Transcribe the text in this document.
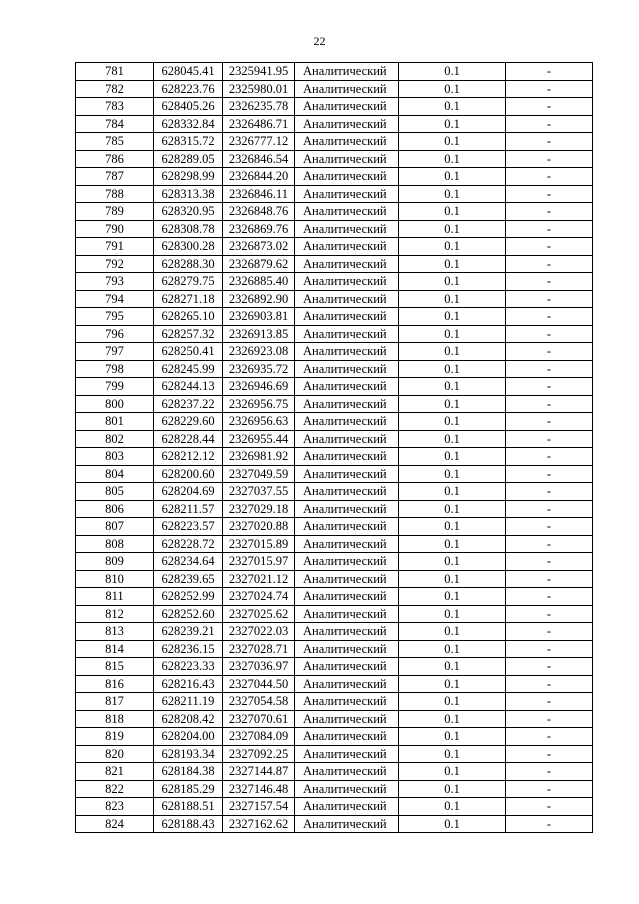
22
781	628045.41	2325941.95	Аналитический	0.1	-
782	628223.76	2325980.01	Аналитический	0.1	-
783	628405.26	2326235.78	Аналитический	0.1	-
784	628332.84	2326486.71	Аналитический	0.1	-
785	628315.72	2326777.12	Аналитический	0.1	-
786	628289.05	2326846.54	Аналитический	0.1	-
787	628298.99	2326844.20	Аналитический	0.1	-
788	628313.38	2326846.11	Аналитический	0.1	-
789	628320.95	2326848.76	Аналитический	0.1	-
790	628308.78	2326869.76	Аналитический	0.1	-
791	628300.28	2326873.02	Аналитический	0.1	-
792	628288.30	2326879.62	Аналитический	0.1	-
793	628279.75	2326885.40	Аналитический	0.1	-
794	628271.18	2326892.90	Аналитический	0.1	-
795	628265.10	2326903.81	Аналитический	0.1	-
796	628257.32	2326913.85	Аналитический	0.1	-
797	628250.41	2326923.08	Аналитический	0.1	-
798	628245.99	2326935.72	Аналитический	0.1	-
799	628244.13	2326946.69	Аналитический	0.1	-
800	628237.22	2326956.75	Аналитический	0.1	-
801	628229.60	2326956.63	Аналитический	0.1	-
802	628228.44	2326955.44	Аналитический	0.1	-
803	628212.12	2326981.92	Аналитический	0.1	-
804	628200.60	2327049.59	Аналитический	0.1	-
805	628204.69	2327037.55	Аналитический	0.1	-
806	628211.57	2327029.18	Аналитический	0.1	-
807	628223.57	2327020.88	Аналитический	0.1	-
808	628228.72	2327015.89	Аналитический	0.1	-
809	628234.64	2327015.97	Аналитический	0.1	-
810	628239.65	2327021.12	Аналитический	0.1	-
811	628252.99	2327024.74	Аналитический	0.1	-
812	628252.60	2327025.62	Аналитический	0.1	-
813	628239.21	2327022.03	Аналитический	0.1	-
814	628236.15	2327028.71	Аналитический	0.1	-
815	628223.33	2327036.97	Аналитический	0.1	-
816	628216.43	2327044.50	Аналитический	0.1	-
817	628211.19	2327054.58	Аналитический	0.1	-
818	628208.42	2327070.61	Аналитический	0.1	-
819	628204.00	2327084.09	Аналитический	0.1	-
820	628193.34	2327092.25	Аналитический	0.1	-
821	628184.38	2327144.87	Аналитический	0.1	-
822	628185.29	2327146.48	Аналитический	0.1	-
823	628188.51	2327157.54	Аналитический	0.1	-
824	628188.43	2327162.62	Аналитический	0.1	-
